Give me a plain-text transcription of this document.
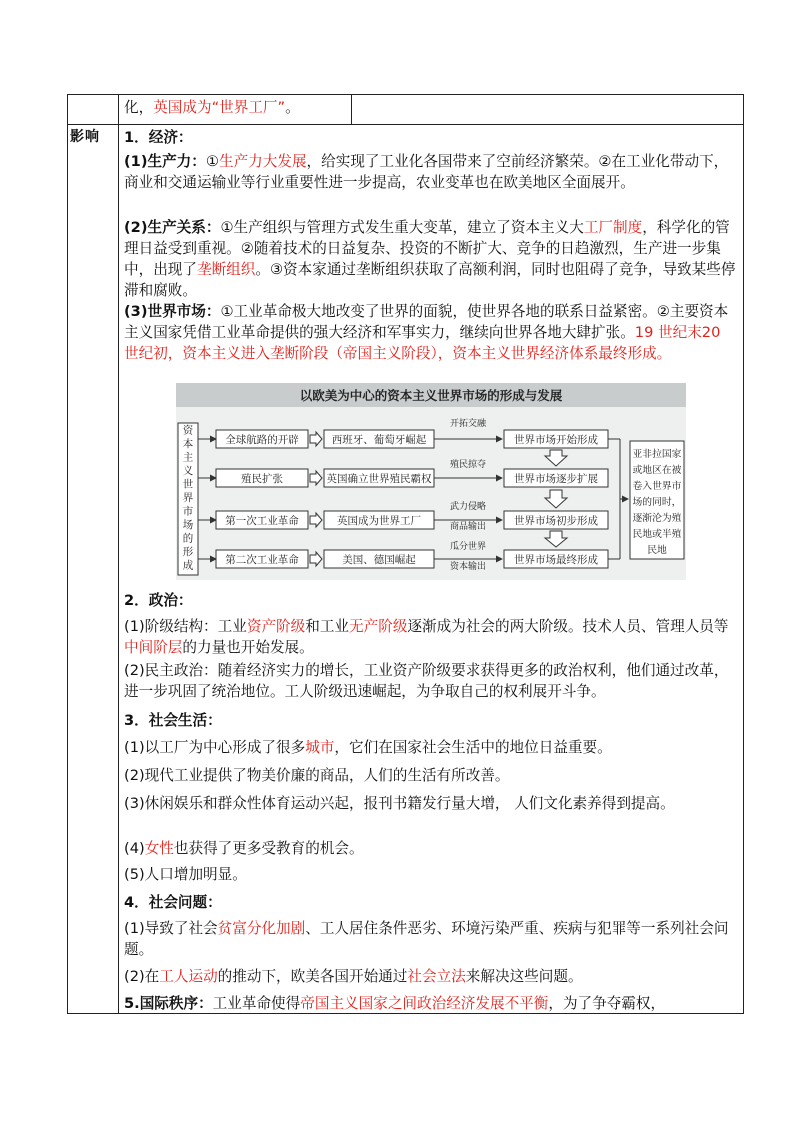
化，英国成为“世界工厂”。
影响 1．经济：

(1)生产力：①生产力大发展，给实现了工业化各国带来了空前经济繁荣。②在工业化带动下，商业和交通运输业等行业重要性进一步提高，农业变革也在欧美地区全面展开。

(2)生产关系：①生产组织与管理方式发生重大变革，建立了资本主义大工厂制度，科学化的管理日益受到重视。②随着技术的日益复杂、投资的不断扩大、竞争的日趋激烈，生产进一步集中，出现了垄断组织。③资本家通过垄断组织获取了高额利润，同时也阻碍了竞争，导致某些停滞和腐败。

(3)世界市场：①工业革命极大地改变了世界的面貌，使世界各地的联系日益紧密。②主要资本主义国家凭借工业革命提供的强大经济和军事实力，继续向世界各地大肆扩张。19 世纪末20 世纪初，资本主义进入垄断阶段（帝国主义阶段），资本主义世界经济体系最终形成。

以欧美为中心的资本主义世界市场的形成与发展
资
本
主
义
世
界
市
场
的
形
成
全球航路的开辟
殖民扩张
第一次工业革命
第二次工业革命
西班牙、葡萄牙崛起
英国确立世界殖民霸权
英国成为世界工厂
美国、德国崛起
开拓交融
殖民掠夺
武力侵略商品输出
瓜分世界资本输出
世界市场开始形成
世界市场逐步扩展
世界市场初步形成
世界市场最终形成
亚非拉国家
或地区在被
卷入世界市
场的同时，
逐渐沦为殖
民地或半殖
民地
2．政治：

(1)阶级结构：工业资产阶级和工业无产阶级逐渐成为社会的两大阶级。技术人员、管理人员等中间阶层的力量也开始发展。

(2)民主政治：随着经济实力的增长，工业资产阶级要求获得更多的政治权利，他们通过改革，进一步巩固了统治地位。工人阶级迅速崛起，为争取自己的权利展开斗争。

3．社会生活：

(1)以工厂为中心形成了很多城市，它们在国家社会生活中的地位日益重要。

(2)现代工业提供了物美价廉的商品，人们的生活有所改善。
(3)休闲娱乐和群众性体育运动兴起，报刊书籍发行量大增， 人们文化素养得到提高。

(4)女性也获得了更多受教育的机会。

(5)人口增加明显。
4．社会问题：

(1)导致了社会贫富分化加剧、工人居住条件恶劣、环境污染严重、疾病与犯罪等一系列社会问题。

(2)在工人运动的推动下，欧美各国开始通过社会立法来解决这些问题。

5.国际秩序：工业革命使得帝国主义国家之间政治经济发展不平衡，为了争夺霸权，
